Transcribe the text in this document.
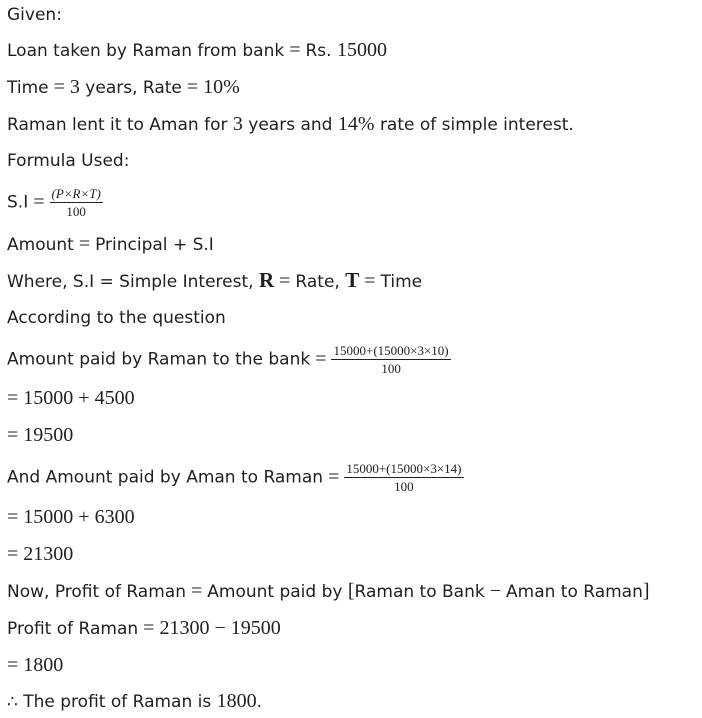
Given:
Loan taken by Raman from bank = Rs. 15000
Time = 3 years, Rate = 10%
Raman lent it to Aman for 3 years and 14% rate of simple interest.
Formula Used:
$S.I = \frac{(P\times R\times T)}{100}$
Amount = Principal + S.I
Where, S.I = Simple Interest, R = Rate, T = Time
According to the question
Amount paid by Raman to the bank = $\frac{15000+(15000\times 3\times 10)}{100}$
= 15000 + 4500
= 19500
And Amount paid by Aman to Raman = $\frac{15000+(15000\times 3\times 14)}{100}$
= 15000 + 6300
= 21300
Now, Profit of Raman = Amount paid by [Raman to Bank − Aman to Raman]
Profit of Raman = 21300 − 19500
= 1800
∴ The profit of Raman is 1800.
